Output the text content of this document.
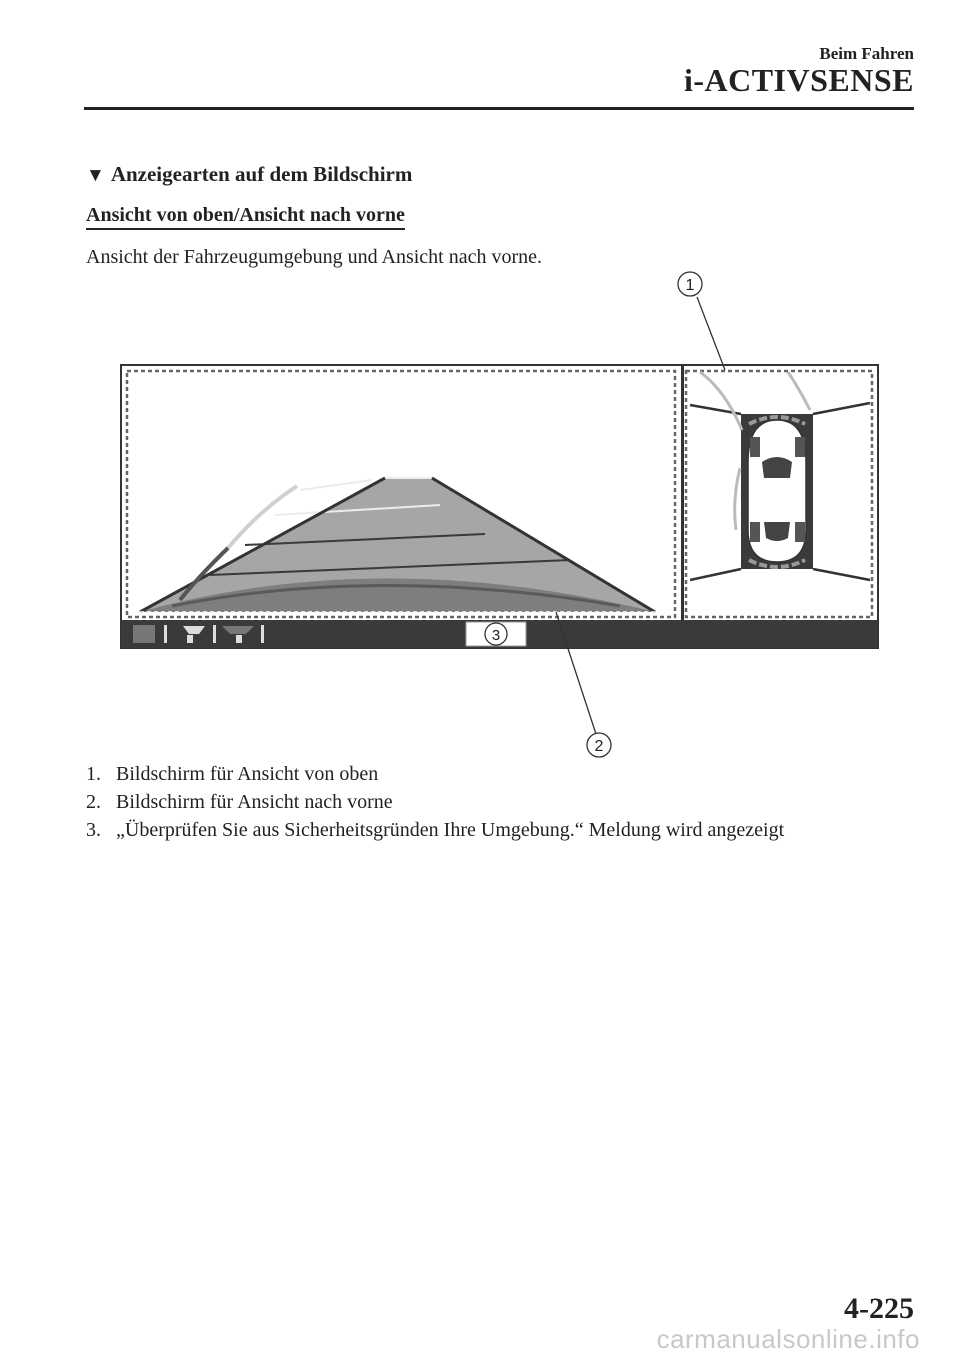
Beim Fahren
i-ACTIVSENSE
▼ Anzeigearten auf dem Bildschirm
Ansicht von oben/Ansicht nach vorne
Ansicht der Fahrzeugumgebung und Ansicht nach vorne.
1
2
3
1. Bildschirm für Ansicht von oben
2. Bildschirm für Ansicht nach vorne
3. „Überprüfen Sie aus Sicherheitsgründen Ihre Umgebung.“ Meldung wird angezeigt
4-225
carmanualsonline.info
